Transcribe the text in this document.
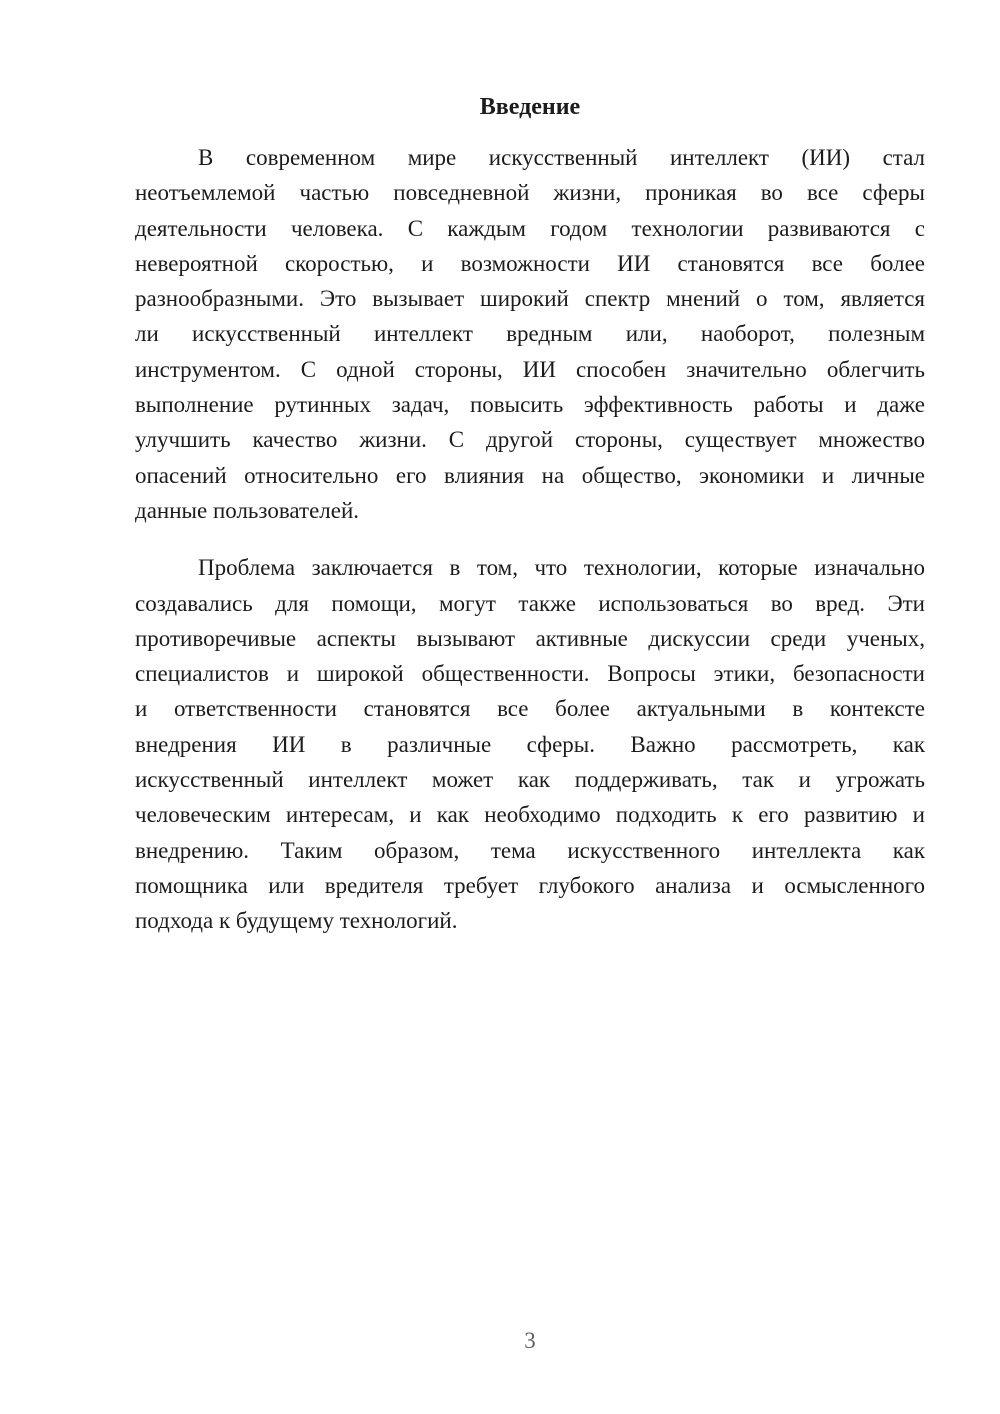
Введение
В современном мире искусственный интеллект (ИИ) стал
неотъемлемой частью повседневной жизни, проникая во все сферы
деятельности человека. С каждым годом технологии развиваются с
невероятной скоростью, и возможности ИИ становятся все более
разнообразными. Это вызывает широкий спектр мнений о том, является
ли искусственный интеллект вредным или, наоборот, полезным
инструментом. С одной стороны, ИИ способен значительно облегчить
выполнение рутинных задач, повысить эффективность работы и даже
улучшить качество жизни. С другой стороны, существует множество
опасений относительно его влияния на общество, экономики и личные
данные пользователей.
Проблема заключается в том, что технологии, которые изначально
создавались для помощи, могут также использоваться во вред. Эти
противоречивые аспекты вызывают активные дискуссии среди ученых,
специалистов и широкой общественности. Вопросы этики, безопасности
и ответственности становятся все более актуальными в контексте
внедрения ИИ в различные сферы. Важно рассмотреть, как
искусственный интеллект может как поддерживать, так и угрожать
человеческим интересам, и как необходимо подходить к его развитию и
внедрению. Таким образом, тема искусственного интеллекта как
помощника или вредителя требует глубокого анализа и осмысленного
подхода к будущему технологий.
3
